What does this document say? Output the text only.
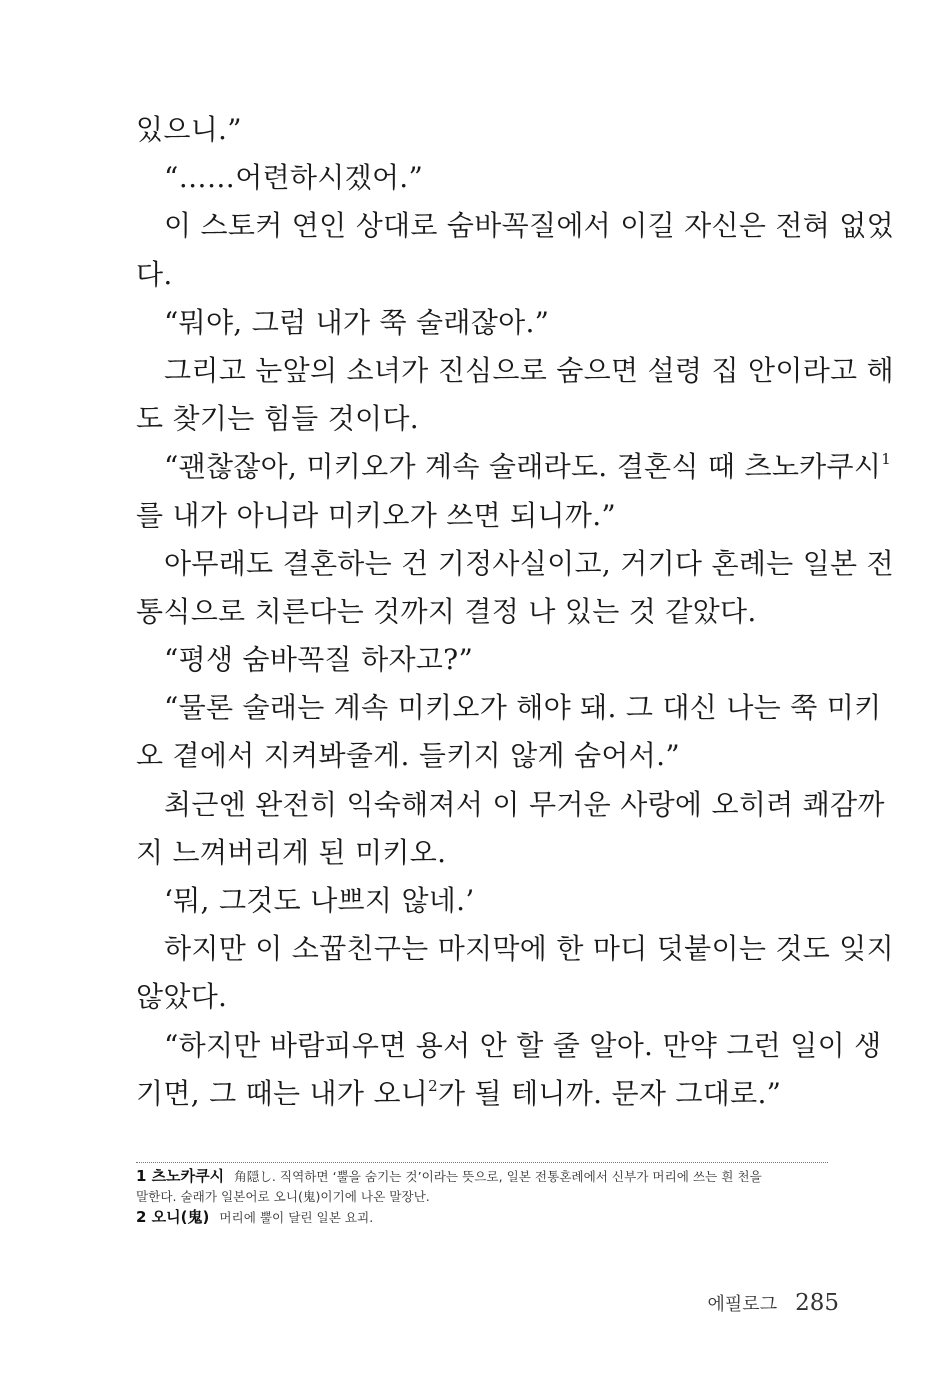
있으니.”
“……어련하시겠어.”
이 스토커 연인 상대로 숨바꼭질에서 이길 자신은 전혀 없었
다.
“뭐야, 그럼 내가 쭉 술래잖아.”
그리고 눈앞의 소녀가 진심으로 숨으면 설령 집 안이라고 해
도 찾기는 힘들 것이다.
“괜찮잖아, 미키오가 계속 술래라도. 결혼식 때 츠노카쿠시$^1$
를 내가 아니라 미키오가 쓰면 되니까.”
아무래도 결혼하는 건 기정사실이고, 거기다 혼례는 일본 전
통식으로 치른다는 것까지 결정 나 있는 것 같았다.
“평생 숨바꼭질 하자고?”
“물론 술래는 계속 미키오가 해야 돼. 그 대신 나는 쭉 미키
오 곁에서 지켜봐줄게. 들키지 않게 숨어서.”
최근엔 완전히 익숙해져서 이 무거운 사랑에 오히려 쾌감까
지 느껴버리게 된 미키오.
‘뭐, 그것도 나쁘지 않네.’
하지만 이 소꿉친구는 마지막에 한 마디 덧붙이는 것도 잊지
않았다.
“하지만 바람피우면 용서 안 할 줄 알아. 만약 그런 일이 생
기면, 그 때는 내가 오니$^2$가 될 테니까. 문자 그대로.”
1 츠노카쿠시 角隠し. 직역하면 ‘뿔을 숨기는 것’이라는 뜻으로, 일본 전통혼례에서 신부가 머리에 쓰는 흰 천을
말한다. 술래가 일본어로 오니(鬼)이기에 나온 말장난.
2 오니(鬼) 머리에 뿔이 달린 일본 요괴.
에필로그 285
